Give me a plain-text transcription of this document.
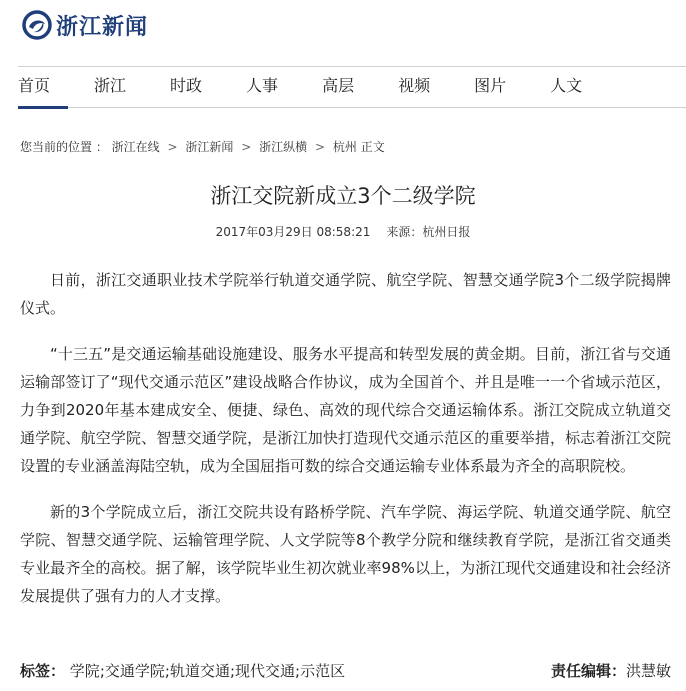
浙江新闻
首页	浙江	时政	人事	高层	视频	图片	人文
您当前的位置 ： 浙江在线 > 浙江新闻 > 浙江纵横 > 杭州 正文
浙江交院新成立3个二级学院
2017年03月29日 08:58:21 来源：杭州日报

日前，浙江交通职业技术学院举行轨道交通学院、航空学院、智慧交通学院3个二级学院揭牌仪式。

“十三五”是交通运输基础设施建设、服务水平提高和转型发展的黄金期。目前，浙江省与交通运输部签订了“现代交通示范区”建设战略合作协议，成为全国首个、并且是唯一一个省域示范区，力争到2020年基本建成安全、便捷、绿色、高效的现代综合交通运输体系。浙江交院成立轨道交通学院、航空学院、智慧交通学院，是浙江加快打造现代交通示范区的重要举措，标志着浙江交院设置的专业涵盖海陆空轨，成为全国屈指可数的综合交通运输专业体系最为齐全的高职院校。

新的3个学院成立后，浙江交院共设有路桥学院、汽车学院、海运学院、轨道交通学院、航空学院、智慧交通学院、运输管理学院、人文学院等8个教学分院和继续教育学院，是浙江省交通类专业最齐全的高校。据了解，该学院毕业生初次就业率98%以上，为浙江现代交通建设和社会经济发展提供了强有力的人才支撑。

标签： 学院;交通学院;轨道交通;现代交通;示范区	责任编辑：洪慧敏
